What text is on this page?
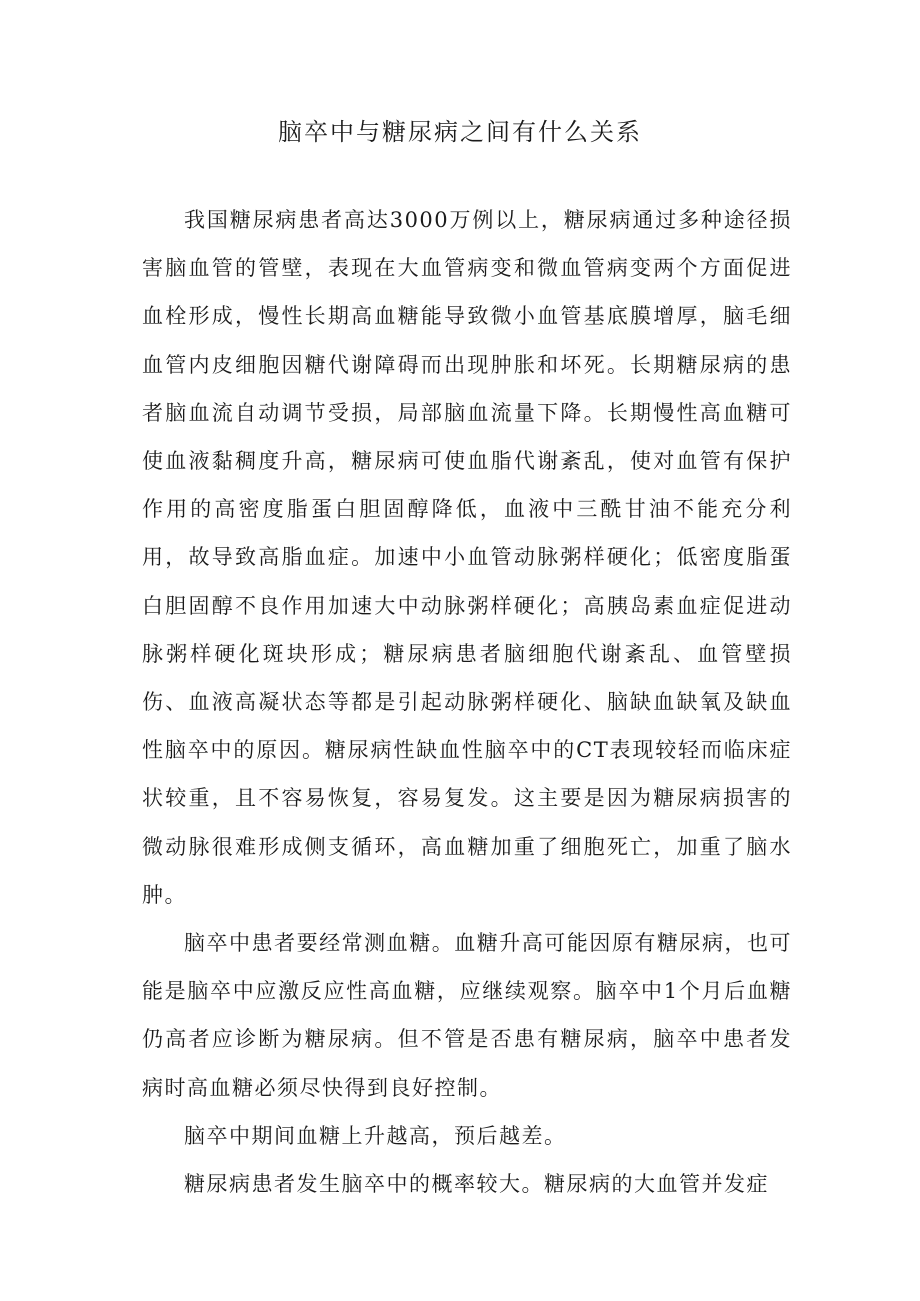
脑卒中与糖尿病之间有什么关系

我国糖尿病患者高达3000万例以上，糖尿病通过多种途径损害脑血管的管壁，表现在大血管病变和微血管病变两个方面促进血栓形成，慢性长期高血糖能导致微小血管基底膜增厚，脑毛细血管内皮细胞因糖代谢障碍而出现肿胀和坏死。长期糖尿病的患者脑血流自动调节受损，局部脑血流量下降。长期慢性高血糖可使血液黏稠度升高，糖尿病可使血脂代谢紊乱，使对血管有保护作用的高密度脂蛋白胆固醇降低，血液中三酰甘油不能充分利用，故导致高脂血症。加速中小血管动脉粥样硬化；低密度脂蛋白胆固醇不良作用加速大中动脉粥样硬化；高胰岛素血症促进动脉粥样硬化斑块形成；糖尿病患者脑细胞代谢紊乱、血管壁损伤、血液高凝状态等都是引起动脉粥样硬化、脑缺血缺氧及缺血性脑卒中的原因。糖尿病性缺血性脑卒中的CT表现较轻而临床症状较重，且不容易恢复，容易复发。这主要是因为糖尿病损害的微动脉很难形成侧支循环，高血糖加重了细胞死亡，加重了脑水肿。

脑卒中患者要经常测血糖。血糖升高可能因原有糖尿病，也可能是脑卒中应激反应性高血糖，应继续观察。脑卒中1个月后血糖仍高者应诊断为糖尿病。但不管是否患有糖尿病，脑卒中患者发病时高血糖必须尽快得到良好控制。

脑卒中期间血糖上升越高，预后越差。

糖尿病患者发生脑卒中的概率较大。糖尿病的大血管并发症
